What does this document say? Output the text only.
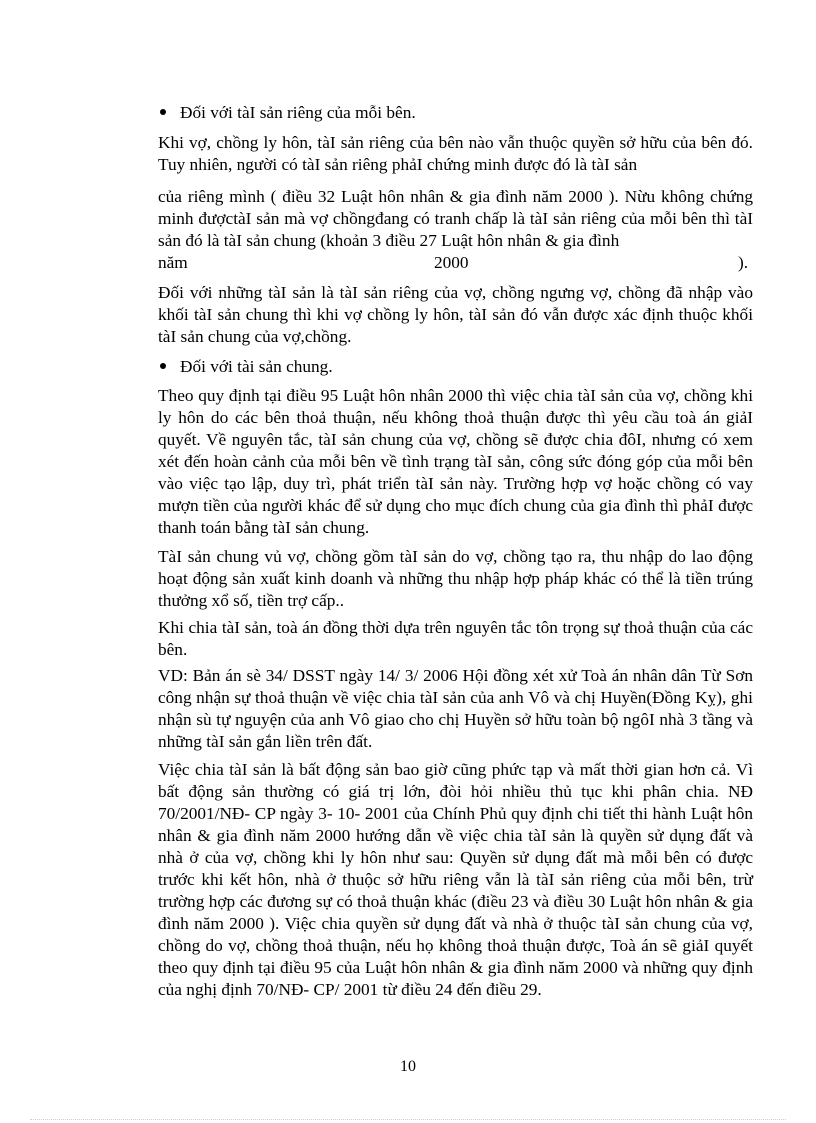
Đối với tàI sản riêng của mỗi bên.

Khi vợ, chồng ly hôn, tàI sản riêng của bên nào vẫn thuộc quyền sở hữu của bên đó. Tuy nhiên, người có tàI sản riêng phảI chứng minh được đó là tàI sản

của riêng mình ( điều 32 Luật hôn nhân & gia đình năm 2000 ). Nừu không chứng minh đượctàI sản mà vợ chồngđang có tranh chấp là tàI sản riêng của mỗi bên thì tàI sản đó là tàI sản chung (khoản 3 điều 27 Luật hôn nhân & gia đình

năm	2000	).

Đối với những tàI sản là tàI sản riêng của vợ, chồng ngưng vợ, chồng đã nhập vào khối tàI sản chung thì khi vợ chồng ly hôn, tàI sản đó vẫn được xác định thuộc khối tàI sản chung của vợ,chồng.

Đối với tài sản chung.

Theo quy định tại điều 95 Luật hôn nhân 2000 thì việc chia tàI sản của vợ, chồng khi ly hôn do các bên thoả thuận, nếu không thoả thuận được thì yêu cầu toà án giảI quyết. Về nguyên tắc, tàI sản chung của vợ, chồng sẽ được chia đôI, nhưng có xem xét đến hoàn cảnh của mỗi bên về tình trạng tàI sản, công sức đóng góp của mỗi bên vào việc tạo lập, duy trì, phát triển tàI sản này. Trường hợp vợ hoặc chồng có vay mượn tiền của người khác để sử dụng cho mục đích chung của gia đình thì phảI được thanh toán bằng tàI sản chung.

TàI sản chung vủ vợ, chồng gồm tàI sản do vợ, chồng tạo ra, thu nhập do lao động hoạt động sản xuất kinh doanh và những thu nhập hợp pháp khác có thể là tiền trúng thưởng xổ số, tiền trợ cấp..

Khi chia tàI sản, toà án đồng thời dựa trên nguyên tắc tôn trọng sự thoả thuận của các bên.

VD: Bản án sè 34/ DSST ngày 14/ 3/ 2006 Hội đồng xét xử Toà án nhân dân Từ Sơn công nhận sự thoả thuận về việc chia tàI sản của anh Vô và chị Huyền(Đồng Kỵ), ghi nhận sù tự nguyện của anh Vô giao cho chị Huyền sở hữu toàn bộ ngôI nhà 3 tầng và những tàI sản gắn liền trên đất.

Việc chia tàI sản là bất động sản bao giờ cũng phức tạp và mất thời gian hơn cả. Vì bất động sản thường có giá trị lớn, đòi hỏi nhiều thủ tục khi phân chia. NĐ 70/2001/NĐ- CP ngày 3- 10- 2001 của Chính Phủ quy định chi tiết thi hành Luật hôn nhân & gia đình năm 2000 hướng dẫn về việc chia tàI sản là quyền sử dụng đất và nhà ở của vợ, chồng khi ly hôn như sau: Quyền sử dụng đất mà mỗi bên có được trước khi kết hôn, nhà ở thuộc sở hữu riêng vẫn là tàI sản riêng của mỗi bên, trừ trường hợp các đương sự có thoả thuận khác (điều 23 và điều 30 Luật hôn nhân & gia đình năm 2000 ). Việc chia quyền sử dụng đất và nhà ở thuộc tàI sản chung của vợ, chồng do vợ, chồng thoả thuận, nếu họ không thoả thuận được, Toà án sẽ giảI quyết theo quy định tại điều 95 của Luật hôn nhân & gia đình năm 2000 và những quy định của nghị định 70/NĐ- CP/ 2001 từ điều 24 đến điều 29.

10
